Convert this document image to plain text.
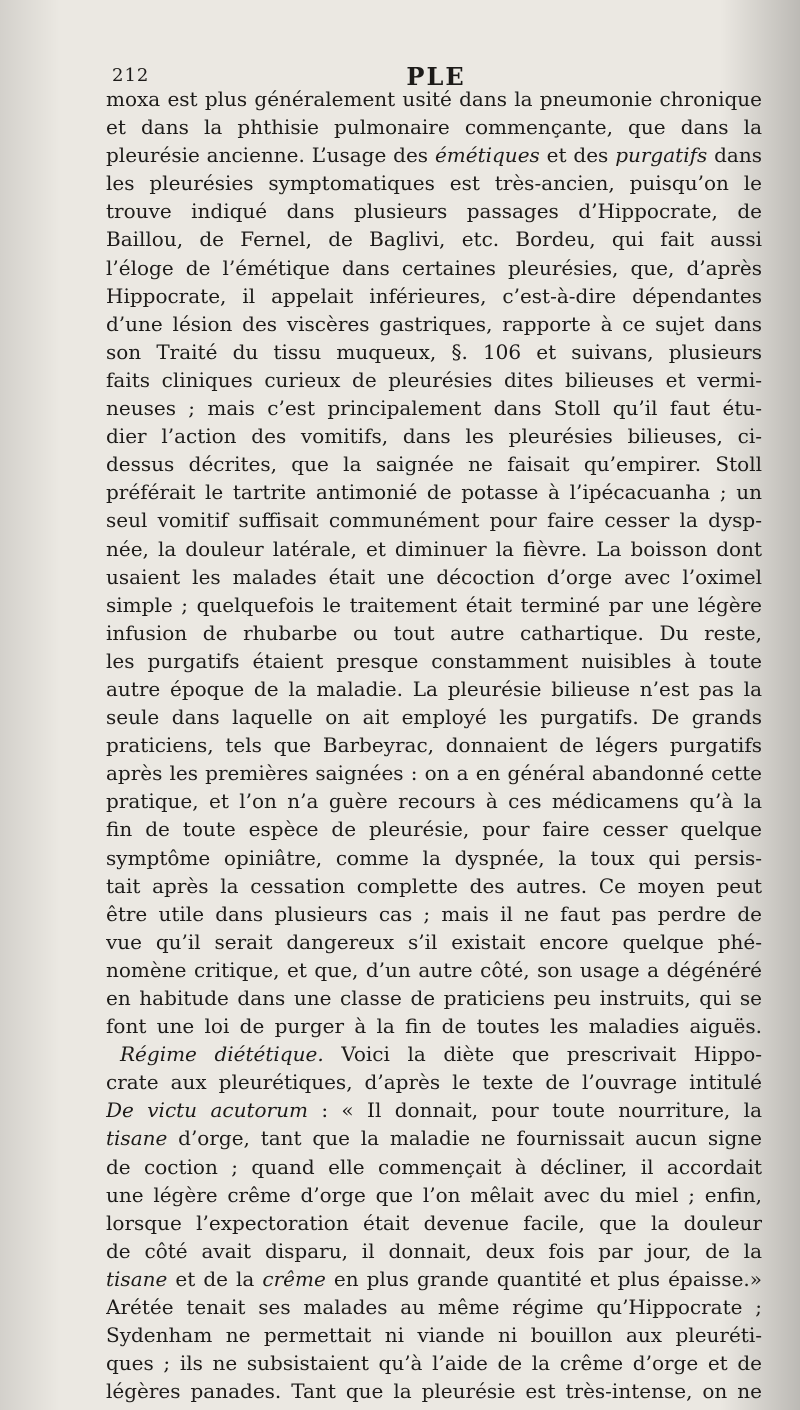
212	PLE
moxa est plus généralement usité dans la pneumonie chronique
et dans la phthisie pulmonaire commençante, que dans la
pleurésie ancienne. L’usage des émétiques et des purgatifs dans
les pleurésies symptomatiques est très-ancien, puisqu’on le
trouve indiqué dans plusieurs passages d’Hippocrate, de
Baillou, de Fernel, de Baglivi, etc. Bordeu, qui fait aussi
l’éloge de l’émétique dans certaines pleurésies, que, d’après
Hippocrate, il appelait inférieures, c’est-à-dire dépendantes
d’une lésion des viscères gastriques, rapporte à ce sujet dans
son Traité du tissu muqueux, §. 106 et suivans, plusieurs
faits cliniques curieux de pleurésies dites bilieuses et vermi-
neuses ; mais c’est principalement dans Stoll qu’il faut étu-
dier l’action des vomitifs, dans les pleurésies bilieuses, ci-
dessus décrites, que la saignée ne faisait qu’empirer. Stoll
préférait le tartrite antimonié de potasse à l’ipécacuanha ; un
seul vomitif suffisait communément pour faire cesser la dysp-
née, la douleur latérale, et diminuer la fièvre. La boisson dont
usaient les malades était une décoction d’orge avec l’oximel
simple ; quelquefois le traitement était terminé par une légère
infusion de rhubarbe ou tout autre cathartique. Du reste,
les purgatifs étaient presque constamment nuisibles à toute
autre époque de la maladie. La pleurésie bilieuse n’est pas la
seule dans laquelle on ait employé les purgatifs. De grands
praticiens, tels que Barbeyrac, donnaient de légers purgatifs
après les premières saignées : on a en général abandonné cette
pratique, et l’on n’a guère recours à ces médicamens qu’à la
fin de toute espèce de pleurésie, pour faire cesser quelque
symptôme opiniâtre, comme la dyspnée, la toux qui persis-
tait après la cessation complette des autres. Ce moyen peut
être utile dans plusieurs cas ; mais il ne faut pas perdre de
vue qu’il serait dangereux s’il existait encore quelque phé-
nomène critique, et que, d’un autre côté, son usage a dégénéré
en habitude dans une classe de praticiens peu instruits, qui se
font une loi de purger à la fin de toutes les maladies aiguës.
Régime diététique. Voici la diète que prescrivait Hippo-
crate aux pleurétiques, d’après le texte de l’ouvrage intitulé
De victu acutorum : « Il donnait, pour toute nourriture, la
tisane d’orge, tant que la maladie ne fournissait aucun signe
de coction ; quand elle commençait à décliner, il accordait
une légère crême d’orge que l’on mêlait avec du miel ; enfin,
lorsque l’expectoration était devenue facile, que la douleur
de côté avait disparu, il donnait, deux fois par jour, de la
tisane et de la crême en plus grande quantité et plus épaisse.»
Arétée tenait ses malades au même régime qu’Hippocrate ;
Sydenham ne permettait ni viande ni bouillon aux pleuréti-
ques ; ils ne subsistaient qu’à l’aide de la crême d’orge et de
légères panades. Tant que la pleurésie est très-intense, on ne
